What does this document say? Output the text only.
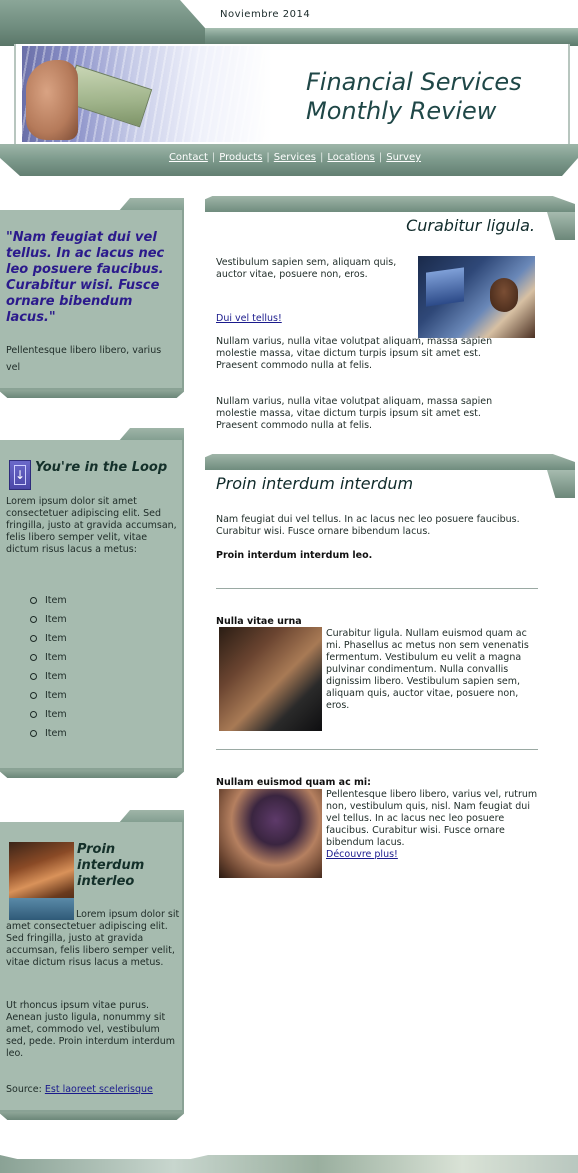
Noviembre 2014
Financial Services
Monthly Review
Contact | Products | Services | Locations | Survey
"Nam feugiat dui vel tellus. In ac lacus nec leo posuere faucibus. Curabitur wisi. Fusce ornare bibendum lacus."
Pellentesque libero libero, varius vel
↓ You're in the Loop
Lorem ipsum dolor sit amet consectetuer adipiscing elit. Sed fringilla, justo at gravida accumsan, felis libero semper velit, vitae dictum risus lacus a metus:
Item
Item
Item
Item
Item
Item
Item
Item
Proin interdum interleo
Lorem ipsum dolor sit amet consectetuer adipiscing elit. Sed fringilla, justo at gravida accumsan, felis libero semper velit, vitae dictum risus lacus a metus.
Ut rhoncus ipsum vitae purus. Aenean justo ligula, nonummy sit amet, commodo vel, vestibulum sed, pede. Proin interdum interdum leo.
Source: Est laoreet scelerisque
Curabitur ligula.
Vestibulum sapien sem, aliquam quis, auctor vitae, posuere non, eros.
Dui vel tellus!
Nullam varius, nulla vitae volutpat aliquam, massa sapien molestie massa, vitae dictum turpis ipsum sit amet est. Praesent commodo nulla at felis.
Nullam varius, nulla vitae volutpat aliquam, massa sapien molestie massa, vitae dictum turpis ipsum sit amet est. Praesent commodo nulla at felis.
Proin interdum interdum
Nam feugiat dui vel tellus. In ac lacus nec leo posuere faucibus. Curabitur wisi. Fusce ornare bibendum lacus.
Proin interdum interdum leo.
Nulla vitae urna
Curabitur ligula. Nullam euismod quam ac mi. Phasellus ac metus non sem venenatis fermentum. Vestibulum eu velit a magna pulvinar condimentum. Nulla convallis dignissim libero. Vestibulum sapien sem, aliquam quis, auctor vitae, posuere non, eros.
Nullam euismod quam ac mi:
Pellentesque libero libero, varius vel, rutrum non, vestibulum quis, nisl. Nam feugiat dui vel tellus. In ac lacus nec leo posuere faucibus. Curabitur wisi. Fusce ornare bibendum lacus.
Découvre plus!
